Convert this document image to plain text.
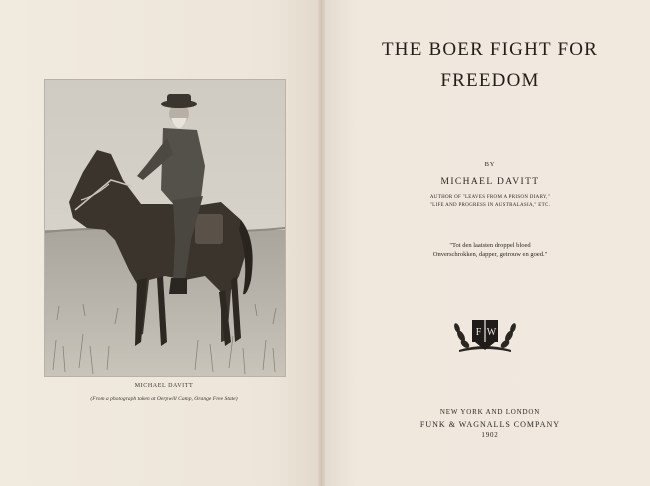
MICHAEL DAVITT
(From a photograph taken at Oerpwill Camp, Orange Free State)
THE BOER FIGHT FOR
FREEDOM
BY
MICHAEL DAVITT
AUTHOR OF "LEAVES FROM A PRISON DIARY,"
"LIFE AND PROGRESS IN AUSTRALASIA," ETC.
"Tot den laatsten droppel bloed
Onverschrokken, dapper, getrouw en goed."
F W
NEW YORK AND LONDON
FUNK & WAGNALLS COMPANY
1902
